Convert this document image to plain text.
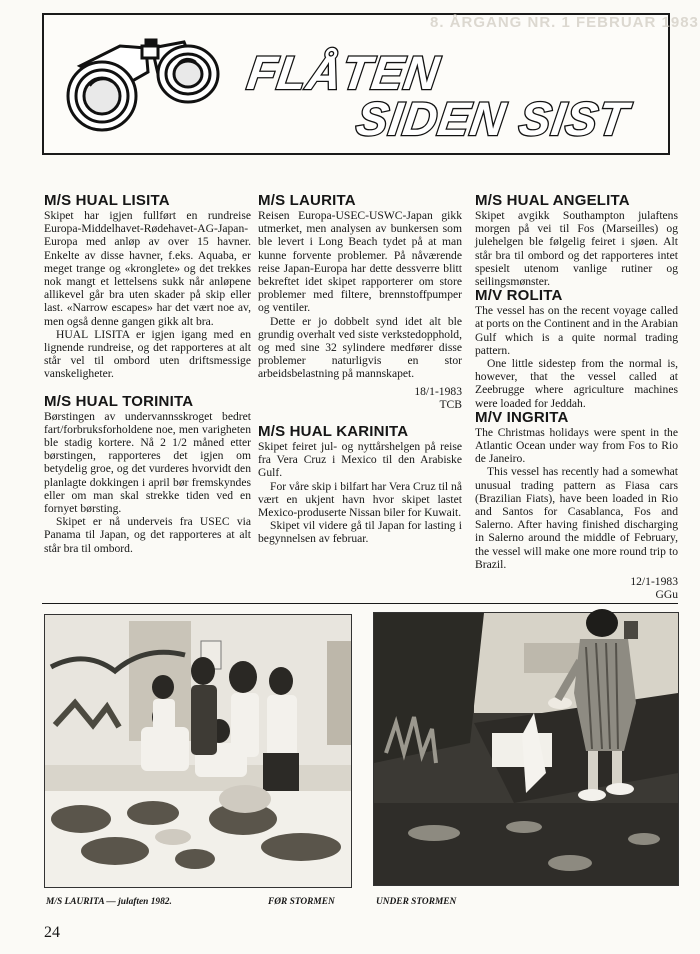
8. ÅRGANG NR. 1 FEBRUAR 1983
FLÅTEN
SIDEN SIST
M/S HUAL LISITA

Skipet har igjen fullført en rundreise Europa-Middelhavet-Rødehavet-AG-Japan-Europa med anløp av over 15 havner. Enkelte av disse havner, f.eks. Aquaba, er meget trange og «kronglete» og det trekkes nok mangt et lettelsens sukk når anløpene allikevel går bra uten skader på skip eller last. «Narrow escapes» har det vært noe av, men også denne gangen gikk alt bra.

HUAL LISITA er igjen igang med en lignende rundreise, og det rapporteres at alt står vel til ombord uten driftsmessige vanskeligheter.

M/S HUAL TORINITA

Børstingen av undervannsskroget bedret fart/forbruksforholdene noe, men varigheten ble stadig kortere. Nå 2 1/2 måned etter børstingen, rapporteres det igjen om betydelig groe, og det vurderes hvorvidt den planlagte dokkingen i april bør fremskyndes eller om man skal strekke tiden ved en fornyet børsting.

Skipet er nå underveis fra USEC via Panama til Japan, og det rapporteres at alt står bra til ombord.

M/S LAURITA

Reisen Europa-USEC-USWC-Japan gikk utmerket, men analysen av bunkersen som ble levert i Long Beach tydet på at man kunne forvente problemer. På nåværende reise Japan-Europa har dette dessverre blitt bekreftet idet skipet rapporterer om store problemer med filtere, brennstoffpumper og ventiler.

Dette er jo dobbelt synd idet alt ble grundig overhalt ved siste verkstedopphold, og med sine 32 sylindere medfører disse problemer naturligvis en stor arbeidsbelastning på mannskapet.

18/1-1983
TCB

M/S HUAL KARINITA

Skipet feiret jul- og nyttårshelgen på reise fra Vera Cruz i Mexico til den Arabiske Gulf.

For våre skip i bilfart har Vera Cruz til nå vært en ukjent havn hvor skipet lastet Mexico-produserte Nissan biler for Kuwait.

Skipet vil videre gå til Japan for lasting i begynnelsen av februar.

M/S HUAL ANGELITA

Skipet avgikk Southampton julaftens morgen på vei til Fos (Marseilles) og julehelgen ble følgelig feiret i sjøen. Alt står bra til ombord og det rapporteres intet spesielt utenom vanlige rutiner og seilingsmønster.

M/V ROLITA

The vessel has on the recent voyage called at ports on the Continent and in the Arabian Gulf which is a quite normal trading pattern.

One little sidestep from the normal is, however, that the vessel called at Zeebrugge where agriculture machines were loaded for Jeddah.

M/V INGRITA

The Christmas holidays were spent in the Atlantic Ocean under way from Fos to Rio de Janeiro.

This vessel has recently had a somewhat unusual trading pattern as Fiasa cars (Brazilian Fiats), have been loaded in Rio and Santos for Casablanca, Fos and Salerno. After having finished discharging in Salerno around the middle of February, the vessel will make one more round trip to Brazil.

12/1-1983
GGu

M/S LAURITA — julaften 1982.	FØR STORMEN	UNDER STORMEN
24
